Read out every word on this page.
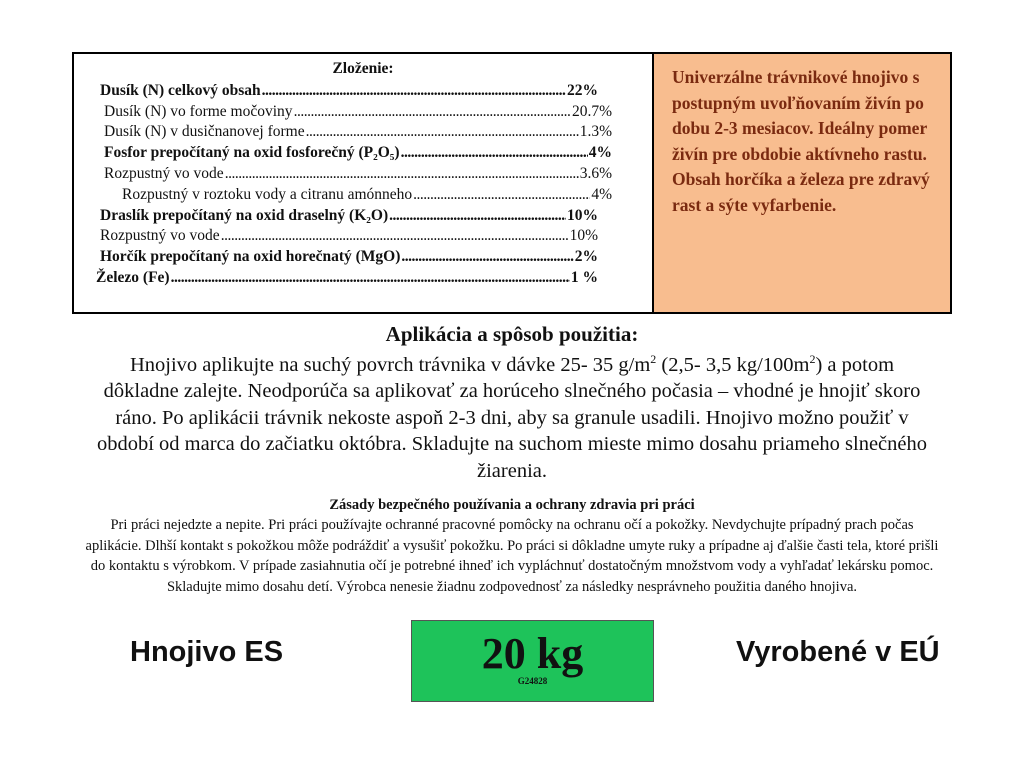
Zloženie:
Dusík (N) celkový obsah .....	22%
Dusík (N) vo forme močoviny .....	20.7%
Dusík (N) v dusičnanovej forme .....	1.3%
Fosfor prepočítaný na oxid fosforečný (P₂O₅) .....	4%
Rozpustný vo vode .....	3.6%
Rozpustný v roztoku vody a citranu amónneho .....	4%
Draslík prepočítaný na oxid draselný (K₂O) .....	10%
Rozpustný vo vode .....	10%
Horčík prepočítaný na oxid horečnatý (MgO) .....	2%
Železo (Fe) .....	1 %
Univerzálne trávnikové hnojivo s postupným uvoľňovaním živín po dobu 2-3 mesiacov. Ideálny pomer živín pre obdobie aktívneho rastu. Obsah horčíka a železa pre zdravý rast a sýte vyfarbenie.
Aplikácia a spôsob použitia:
Hnojivo aplikujte na suchý povrch trávnika v dávke 25- 35 $g/m^2$ (2,5- 3,5 $kg/100m^2$) a potom dôkladne zalejte. Neodporúča sa aplikovať za horúceho slnečného počasia – vhodné je hnojiť skoro ráno. Po aplikácii trávnik nekoste aspoň 2-3 dni, aby sa granule usadili. Hnojivo možno použiť v období od marca do začiatku októbra. Skladujte na suchom mieste mimo dosahu priameho slnečného žiarenia.
Zásady bezpečného používania a ochrany zdravia pri práci
Pri práci nejedzte a nepite. Pri práci používajte ochranné pracovné pomôcky na ochranu očí a pokožky. Nevdychujte prípadný prach počas aplikácie. Dlhší kontakt s pokožkou môže podráždiť a vysušiť pokožku. Po práci si dôkladne umyte ruky a prípadne aj ďalšie časti tela, ktoré prišli do kontaktu s výrobkom. V prípade zasiahnutia očí je potrebné ihneď ich vypláchnuť dostatočným množstvom vody a vyhľadať lekársku pomoc. Skladujte mimo dosahu detí. Výrobca nenesie žiadnu zodpovednosť za následky nesprávneho použitia daného hnojiva.
Hnojivo ES	20 kg
G24828
Vyrobené v EÚ
